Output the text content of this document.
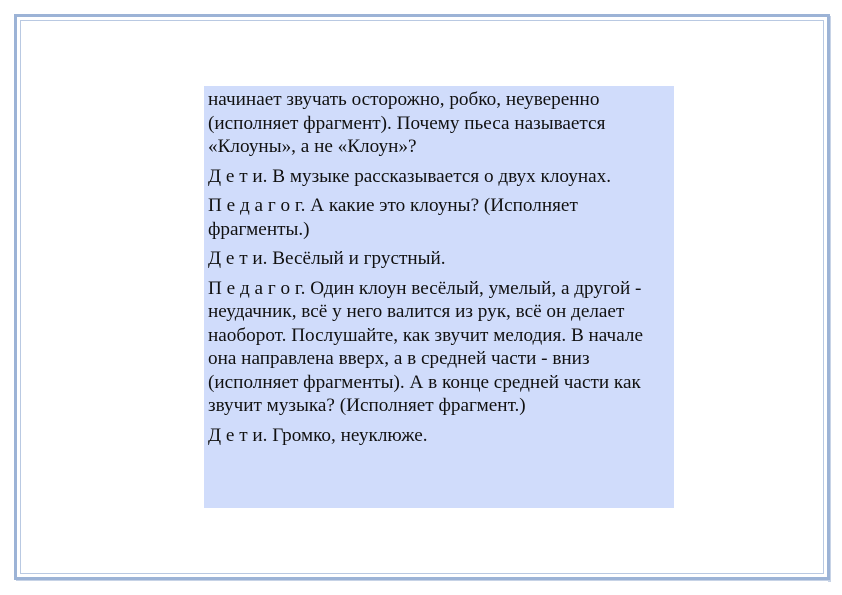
начинает звучать осторожно, робко, неуверенно (исполняет фрагмент). Почему пьеса называется «Клоуны», а не «Клоун»?

Д е т и. В музыке рассказывается о двух клоунах.

П е д а г о г. А какие это клоуны? (Исполняет фрагменты.)

Д е т и. Весёлый и грустный.

П е д а г о г. Один клоун весёлый, умелый, а другой - неудачник, всё у него валится из рук, всё он делает наоборот. Послушайте, как звучит мелодия. В начале она направлена вверх, а в средней части - вниз (исполняет фрагменты). А в конце средней части как звучит музыка? (Исполняет фрагмент.)

Д е т и. Громко, неуклюже.
